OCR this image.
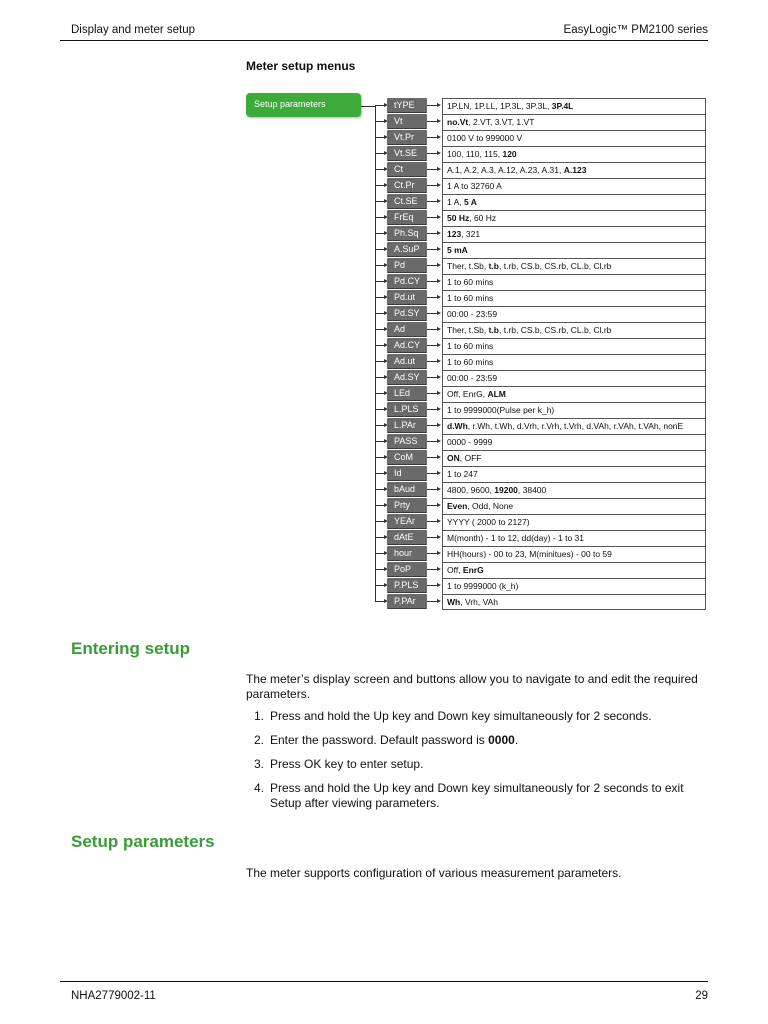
Display and meter setup	EasyLogic™ PM2100 series
Meter setup menus
Setup parameters	tYPE	1P.LN, 1P.LL, 1P.3L, 3P.3L, 3P.4L
Vt	no.Vt, 2.VT, 3.VT, 1.VT
Vt.Pr	0100 V to 999000 V
Vt.SE	100, 110, 115, 120
Ct	A.1, A.2, A.3, A.12, A.23, A.31, A.123
Ct.Pr	1 A to 32760 A
Ct.SE	1 A, 5 A
FrEq	50 Hz, 60 Hz
Ph.Sq	123, 321
A.SuP	5 mA
Pd	Ther, t.Sb, t.b, t.rb, CS.b, CS.rb, CL.b, Cl.rb
Pd.CY	1 to 60 mins
Pd.ut	1 to 60 mins
Pd.SY	00:00 - 23:59
Ad	Ther, t.Sb, t.b, t.rb, CS.b, CS.rb, CL.b, Cl.rb
Ad.CY	1 to 60 mins
Ad.ut	1 to 60 mins
Ad.SY	00:00 - 23:59
LEd	Off, EnrG, ALM
L.PLS	1 to 9999000(Pulse per k_h)
L.PAr	d.Wh, r.Wh, t.Wh, d.Vrh, r.Vrh, t.Vrh, d.VAh, r.VAh, t.VAh, nonE
PASS	0000 - 9999
CoM	ON, OFF
Id	1 to 247
bAud	4800, 9600, 19200, 38400
Prty	Even, Odd, None
YEAr	YYYY ( 2000 to 2127)
dAtE	M(month) - 1 to 12, dd(day) - 1 to 31
hour	HH(hours) - 00 to 23, M(minitues) - 00 to 59
PoP	Off, EnrG
P.PLS	1 to 9999000 (k_h)
P.PAr	Wh, Vrh, VAh
Entering setup
The meter’s display screen and buttons allow you to navigate to and edit the required parameters.
1. Press and hold the Up key and Down key simultaneously for 2 seconds.
2. Enter the password. Default password is 0000.
3. Press OK key to enter setup.
4. Press and hold the Up key and Down key simultaneously for 2 seconds to exit Setup after viewing parameters.
Setup parameters
The meter supports configuration of various measurement parameters.
NHA2779002-11	29
